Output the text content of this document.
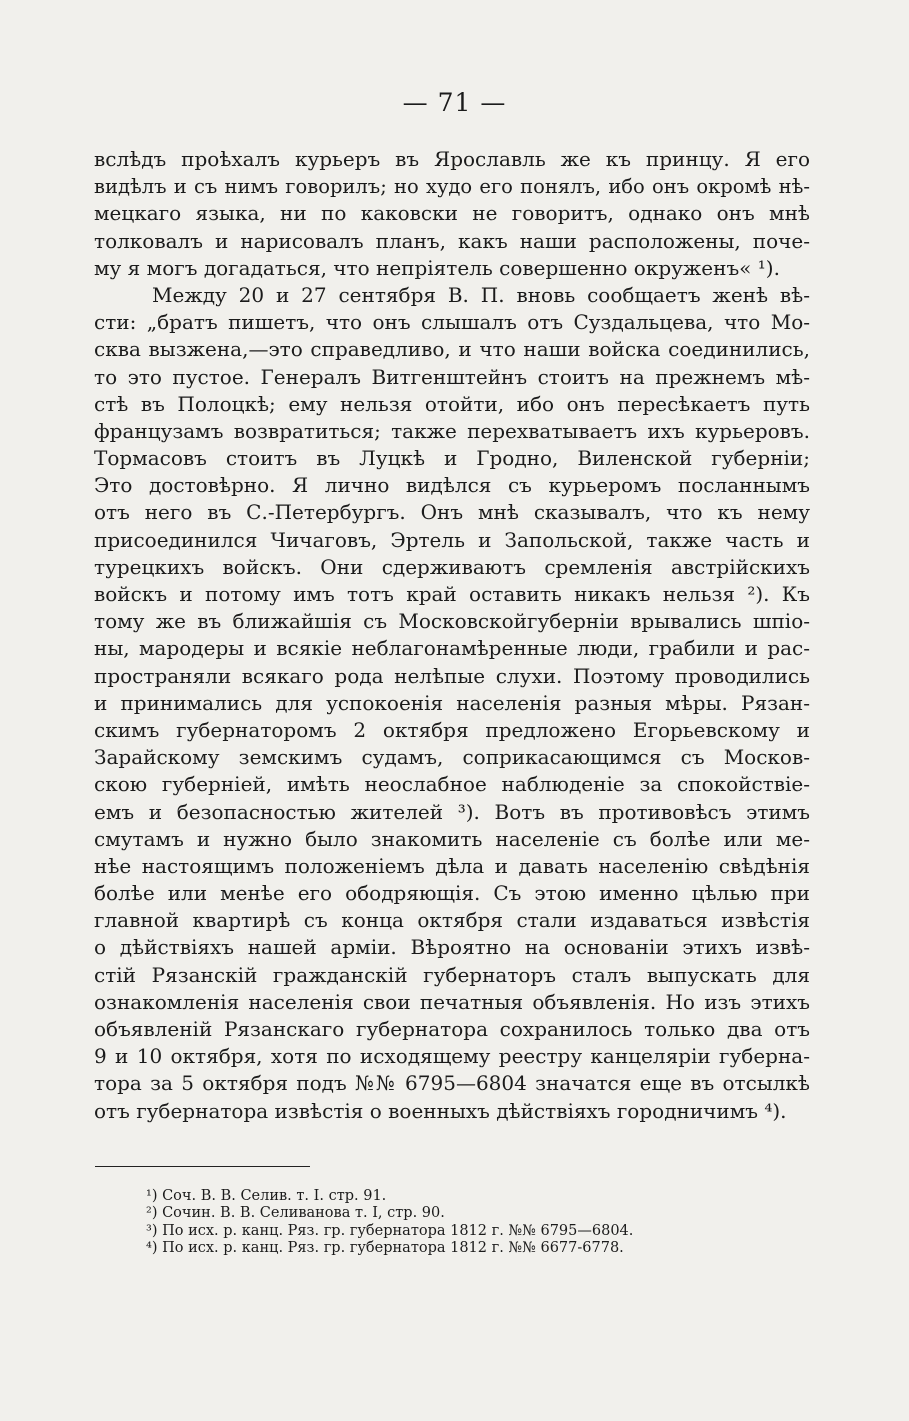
— 71 —
вслѣдъ проѣхалъ курьеръ въ Ярославль же къ принцу. Я его
видѣлъ и съ нимъ говорилъ; но худо его понялъ, ибо онъ окромѣ нѣ-
мецкаго языка, ни по каковски не говоритъ, однако онъ мнѣ
толковалъ и нарисовалъ планъ, какъ наши расположены, поче-
му я могъ догадаться, что непріятель совершенно окруженъ« ¹).
Между 20 и 27 сентября В. П. вновь сообщаетъ женѣ вѣ-
сти: „братъ пишетъ, что онъ слышалъ отъ Суздальцева, что Мо-
сква вызжена,—это справедливо, и что наши войска соединились,
то это пустое. Генералъ Витгенштейнъ стоитъ на прежнемъ мѣ-
стѣ въ Полоцкѣ; ему нельзя отойти, ибо онъ пересѣкаетъ путь
французамъ возвратиться; также перехватываетъ ихъ курьеровъ.
Тормасовъ стоитъ въ Луцкѣ и Гродно, Виленской губерніи;
Это достовѣрно. Я лично видѣлся съ курьеромъ посланнымъ
отъ него въ С.-Петербургъ. Онъ мнѣ сказывалъ, что къ нему
присоединился Чичаговъ, Эртель и Запольской, также часть и
турецкихъ войскъ. Они сдерживаютъ сремленія австрійскихъ
войскъ и потому имъ тотъ край оставить никакъ нельзя ²). Къ
тому же въ ближайшія съ Московскойгуберніи врывались шпіо-
ны, мародеры и всякіе неблагонамѣренные люди, грабили и рас-
пространяли всякаго рода нелѣпые слухи. Поэтому проводились
и принимались для успокоенія населенія разныя мѣры. Рязан-
скимъ губернаторомъ 2 октября предложено Егорьевскому и
Зарайскому земскимъ судамъ, соприкасающимся съ Москов-
скою губерніей, имѣть неослабное наблюденіе за спокойствіе-
емъ и безопасностью жителей ³). Вотъ въ противовѣсъ этимъ
смутамъ и нужно было знакомить населеніе съ болѣе или ме-
нѣе настоящимъ положеніемъ дѣла и давать населенію свѣдѣнія
болѣе или менѣе его ободряющія. Съ этою именно цѣлью при
главной квартирѣ съ конца октября стали издаваться извѣстія
о дѣйствіяхъ нашей арміи. Вѣроятно на основаніи этихъ извѣ-
стій Рязанскій гражданскій губернаторъ сталъ выпускать для
ознакомленія населенія свои печатныя объявленія. Но изъ этихъ
объявленій Рязанскаго губернатора сохранилось только два отъ
9 и 10 октября, хотя по исходящему реестру канцеляріи губерна-
тора за 5 октября подъ №№ 6795—6804 значатся еще въ отсылкѣ
отъ губернатора извѣстія о военныхъ дѣйствіяхъ городничимъ ⁴).
¹) Соч. В. В. Селив. т. I. стр. 91.
²) Сочин. В. В. Селиванова т. I, стр. 90.
³) По исх. р. канц. Ряз. гр. губернатора 1812 г. №№ 6795—6804.
⁴) По исх. р. канц. Ряз. гр. губернатора 1812 г. №№ 6677-6778.
